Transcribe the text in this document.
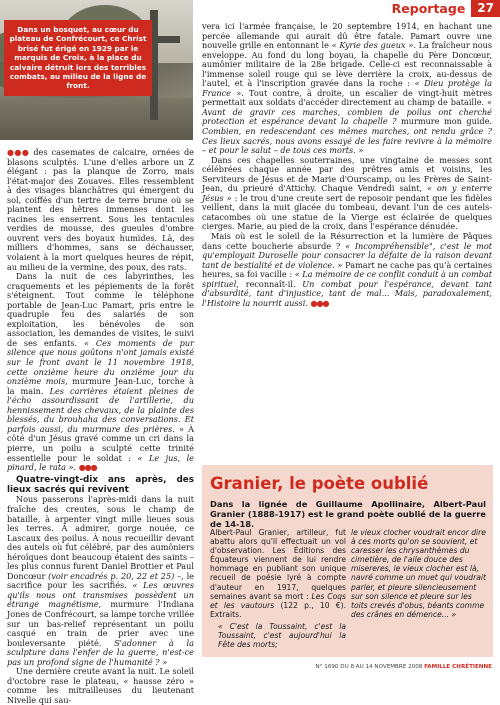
Dans un bosquet, au cœur du plateau de Confrécourt, ce Christ brisé fut érigé en 1929 par le marquis de Croix, à la place du calvaire détruit lors des terribles combats, au milieu de la ligne de front.
Reportage	27

●●● des casemates de calcaire, ornées de blasons sculptés. L'une d'elles arbore un Z élégant : pas la planque de Zorro, mais l'état-major des Zouaves. Elles ressemblent à des visages blanchâtres qui émergent du sol, coiffés d'un tertre de terre brune où se plantent des hêtres immenses dont les racines les enserrent. Sous les tentacules verdies de mousse, des gueules d'ombre ouvrent vers des boyaux humides. Là, des milliers d'hommes, sans se déchausser, volaient à la mort quelques heures de répit, au milieu de la vermine, des poux, des rats.

Dans la nuit de ces labyrinthes, les craquements et les pépiements de la forêt s'éteignent. Tout comme le téléphone portable de Jean-Luc Pamart, pris entre le quadruple feu des salariés de son exploitation, les bénévoles de son association, les demandes de visites, le suivi de ses enfants. « Ces moments de pur silence que nous goûtons n'ont jamais existé sur le front avant le 11 novembre 1918, cette onzième heure du onzième jour du onzième mois, murmure Jean-Luc, torche à la main. Les carrières étaient pleines de l'écho assourdissant de l'artillerie, du hennissement des chevaux, de la plainte des blessés, du brouhaha des conversations. Et parfois aussi, du murmure des prières. » À côté d'un Jésus gravé comme un cri dans la pierre, un poilu a sculpté cette trinité essentielle pour le soldat : « Le jus, le pinard, le rata ». ●●●

Quatre-vingt-dix ans après, des lieux sacrés qui revivent

Nous passerons l'après-midi dans la nuit fraîche des creutes, sous le champ de bataille, à arpenter vingt mille lieues sous les terres. À admirer, gorge nouée, ce Lascaux des poilus. À nous recueillir devant des autels où fut célébré, par des aumôniers héroïques dont beaucoup étaient des saints – les plus connus furent Daniel Brottier et Paul Doncœur (voir encadrés p. 20, 22 et 25) –, le sacrifice pour les sacrifiés. « Les œuvres qu'ils nous ont transmises possèdent un étrange magnétisme, murmure l'Indiana Jones de Confrécourt, sa lampe torche vrillée sur un bas-relief représentant un poilu casqué en train de prier avec une bouleversante piété. S'adonner à la sculpture dans l'enfer de la guerre, n'est-ce pas un profond signe de l'humanité ? »

Une dernière creute avant la nuit. Le soleil d'octobre rase le plateau, « hausse zéro » comme les mitrailleuses du lieutenant Nivelle qui sau-

vera ici l'armée française, le 20 septembre 1914, en hachant une percée allemande qui aurait dû être fatale. Pamart ouvre une nouvelle grille en entonnant le « Kyrie des gueux ». La fraîcheur nous enveloppe. Au fond du long boyau, la chapelle du Père Doncœur, aumônier militaire de la 28e brigade. Celle-ci est reconnaissable à l'immense soleil rouge qui se lève derrière la croix, au-dessus de l'autel, et à l'inscription gravée dans la roche : « Dieu protège la France ». Tout contre, à droite, un escalier de vingt-huit mètres permettait aux soldats d'accéder directement au champ de bataille. « Avant de gravir ces marches, combien de poilus ont cherché protection et espérance devant la chapelle ? murmure mon guide. Combien, en redescendant ces mêmes marches, ont rendu grâce ? Ces lieux sacrés, nous avons essayé de les faire revivre à la mémoire – et pour le salut – de tous ces morts. »

Dans ces chapelles souterraines, une vingtaine de messes sont célébrées chaque année par des prêtres amis et voisins, les Serviteurs de Jésus et de Marie d'Ourscamp, ou les Frères de Saint-Jean, du prieuré d'Attichy. Chaque Vendredi saint, « on y enterre Jésus » : le trou d'une creute sert de reposoir pendant que les fidèles veillent, dans la nuit glacée du tombeau, devant l'un de ces autels-catacombes où une statue de la Vierge est éclairée de quelques cierges. Marie, au pied de la croix, dans l'espérance dénudée.

Mais où est le soleil de la Résurrection et la lumière de Pâques dans cette boucherie absurde ? « Incompréhensible", c'est le mot qu'employait Duroselle pour consacrer la défaite de la raison devant tant de bestialité et de violence. » Pamart ne cache pas qu'à certaines heures, sa foi vacille : « La mémoire de ce conflit conduit à un combat spirituel, reconnaît-il. Un combat pour l'espérance, devant tant d'absurdité, tant d'injustice, tant de mal... Mais, paradoxalement, l'Histoire la nourrit aussi. ●●●

Granier, le poète oublié
Dans la lignée de Guillaume Apollinaire, Albert-Paul Granier (1888-1917) est le grand poète oublié de la guerre de 14-18.
Albert-Paul Granier, artilleur, fut abattu alors qu'il effectuait un vol d'observation. Les Éditions des Équateurs viennent de lui rendre hommage en publiant son unique recueil de poésie lyré à compte d'auteur en 1917, quelques semaines avant sa mort : Les Coqs et les vautours (122 p., 10 €). Extraits.
« C'est la Toussaint, c'est la Toussaint, c'est aujourd'hui la Fête des morts;
le vieux clocher voudrait encor dire à ces morts qu'on se souvient, et caresser les chrysanthèmes du cimetière, de l'aile douce des misereres, le vieux clocher est là, navré comme un muet qui voudrait parler, et pleure silencieusement sur son silence et pleure sur les toits crevés d'obus, béants comme des crânes en démence... »
N° 1690 DU 8 AU 14 NOVEMBRE 2008 FAMILLE CHRÉTIENNE
